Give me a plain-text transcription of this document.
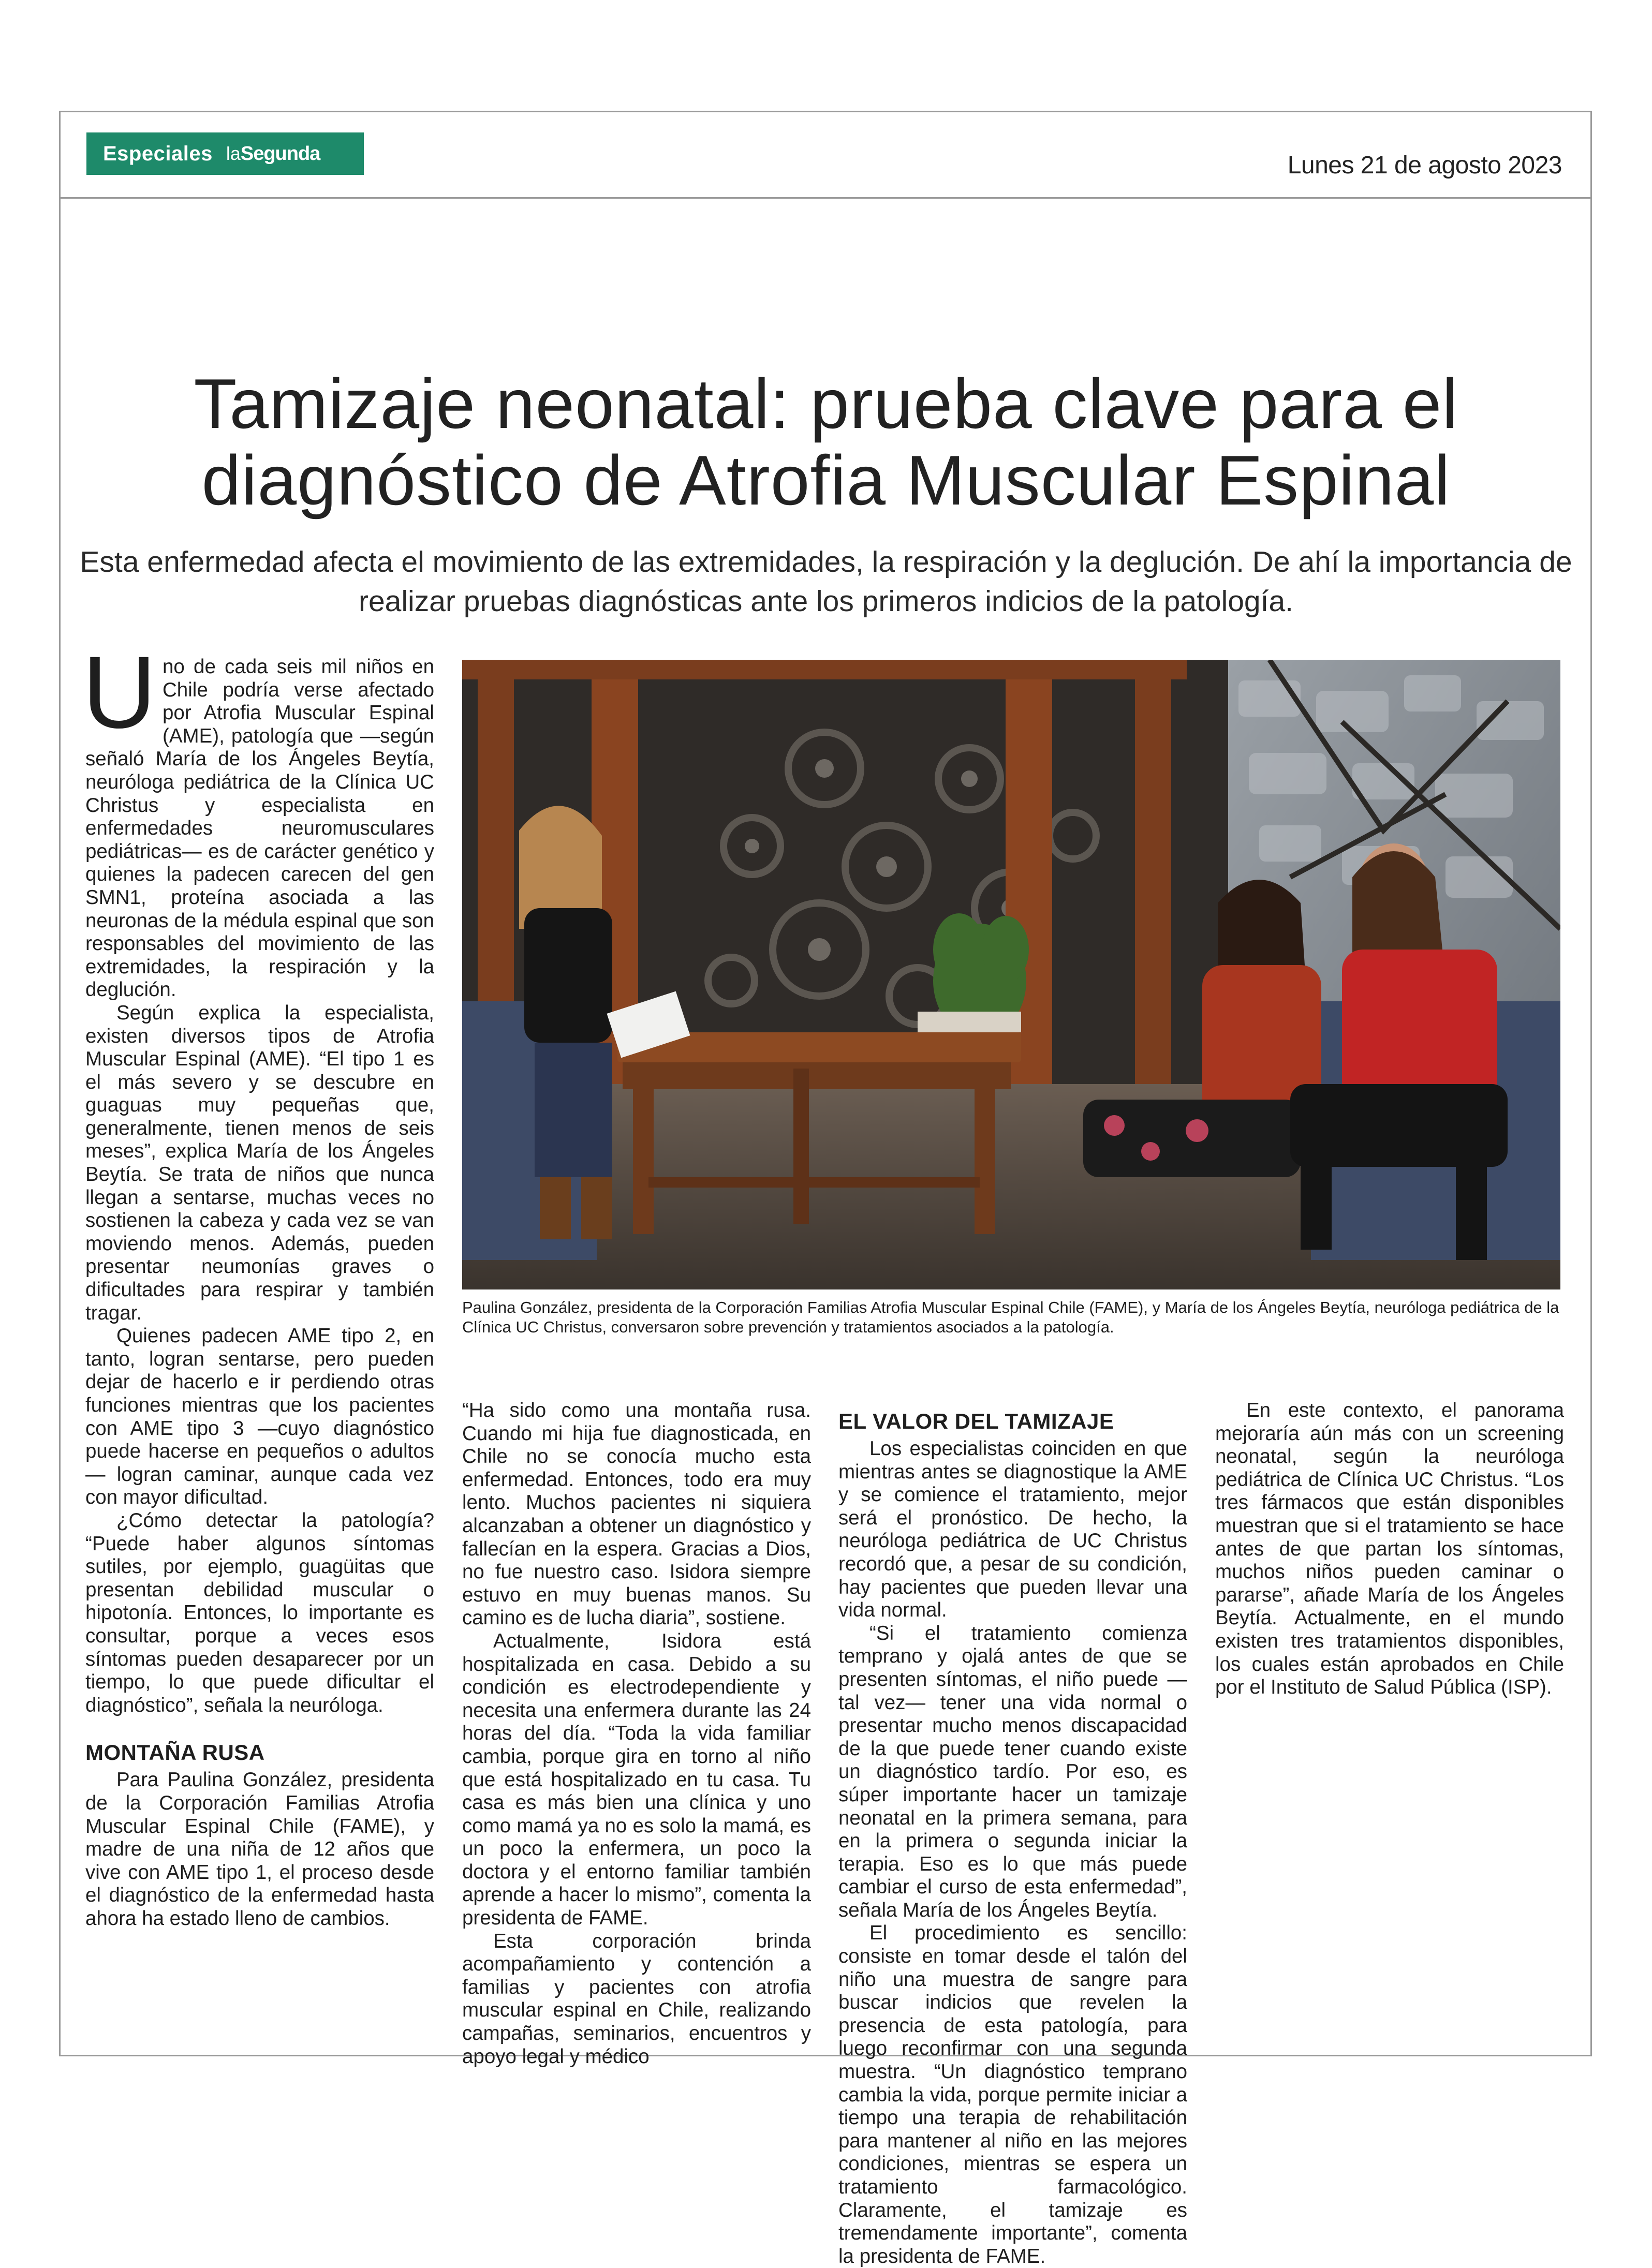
Especiales la Segunda	Lunes 21 de agosto 2023
Tamizaje neonatal: prueba clave para el diagnóstico de Atrofia Muscular Espinal

Esta enfermedad afecta el movimiento de las extremidades, la respiración y la deglución. De ahí la importancia de realizar pruebas diagnósticas ante los primeros indicios de la patología.

Uno de cada seis mil niños en Chile podría verse afectado por Atrofia Muscular Espinal (AME), patología que —según señaló María de los Ángeles Beytía, neuróloga pediátrica de la Clínica UC Christus y especialista en enfermedades neuromusculares pediátricas— es de carácter genético y quienes la padecen carecen del gen SMN1, proteína asociada a las neuronas de la médula espinal que son responsables del movimiento de las extremidades, la respiración y la deglución.

Según explica la especialista, existen diversos tipos de Atrofia Muscular Espinal (AME). “El tipo 1 es el más severo y se descubre en guaguas muy pequeñas que, generalmente, tienen menos de seis meses”, explica María de los Ángeles Beytía. Se trata de niños que nunca llegan a sentarse, muchas veces no sostienen la cabeza y cada vez se van moviendo menos. Además, pueden presentar neumonías graves o dificultades para respirar y también tragar.

Quienes padecen AME tipo 2, en tanto, logran sentarse, pero pueden dejar de hacerlo e ir perdiendo otras funciones mientras que los pacientes con AME tipo 3 —cuyo diagnóstico puede hacerse en pequeños o adultos— logran caminar, aunque cada vez con mayor dificultad.

¿Cómo detectar la patología? “Puede haber algunos síntomas sutiles, por ejemplo, guagüitas que presentan debilidad muscular o hipotonía. Entonces, lo importante es consultar, porque a veces esos síntomas pueden desaparecer por un tiempo, lo que puede dificultar el diagnóstico”, señala la neuróloga.

MONTAÑA RUSA

Para Paulina González, presidenta de la Corporación Familias Atrofia Muscular Espinal Chile (FAME), y madre de una niña de 12 años que vive con AME tipo 1, el proceso desde el diagnóstico de la enfermedad hasta ahora ha estado lleno de cambios.

Paulina González, presidenta de la Corporación Familias Atrofia Muscular Espinal Chile (FAME), y María de los Ángeles Beytía, neuróloga pediátrica de la Clínica UC Christus, conversaron sobre prevención y tratamientos asociados a la patología.

“Ha sido como una montaña rusa. Cuando mi hija fue diagnosticada, en Chile no se conocía mucho esta enfermedad. Entonces, todo era muy lento. Muchos pacientes ni siquiera alcanzaban a obtener un diagnóstico y fallecían en la espera. Gracias a Dios, no fue nuestro caso. Isidora siempre estuvo en muy buenas manos. Su camino es de lucha diaria”, sostiene.

Actualmente, Isidora está hospitalizada en casa. Debido a su condición es electrodependiente y necesita una enfermera durante las 24 horas del día. “Toda la vida familiar cambia, porque gira en torno al niño que está hospitalizado en tu casa. Tu casa es más bien una clínica y uno como mamá ya no es solo la mamá, es un poco la enfermera, un poco la doctora y el entorno familiar también aprende a hacer lo mismo”, comenta la presidenta de FAME.

Esta corporación brinda acompañamiento y contención a familias y pacientes con atrofia muscular espinal en Chile, realizando campañas, seminarios, encuentros y apoyo legal y médico

EL VALOR DEL TAMIZAJE

Los especialistas coinciden en que mientras antes se diagnostique la AME y se comience el tratamiento, mejor será el pronóstico. De hecho, la neuróloga pediátrica de UC Christus recordó que, a pesar de su condición, hay pacientes que pueden llevar una vida normal.

“Si el tratamiento comienza temprano y ojalá antes de que se presenten síntomas, el niño puede —tal vez— tener una vida normal o presentar mucho menos discapacidad de la que puede tener cuando existe un diagnóstico tardío. Por eso, es súper importante hacer un tamizaje neonatal en la primera semana, para en la primera o segunda iniciar la terapia. Eso es lo que más puede cambiar el curso de esta enfermedad”, señala María de los Ángeles Beytía.

El procedimiento es sencillo: consiste en tomar desde el talón del niño una muestra de sangre para buscar indicios que revelen la presencia de esta patología, para luego reconfirmar con una segunda muestra. “Un diagnóstico temprano cambia la vida, porque permite iniciar a tiempo una terapia de rehabilitación para mantener al niño en las mejores condiciones, mientras se espera un tratamiento farmacológico. Claramente, el tamizaje es tremendamente importante”, comenta la presidenta de FAME.

En este contexto, el panorama mejoraría aún más con un screening neonatal, según la neuróloga pediátrica de Clínica UC Christus. “Los tres fármacos que están disponibles muestran que si el tratamiento se hace antes de que partan los síntomas, muchos niños pueden caminar o pararse”, añade María de los Ángeles Beytía. Actualmente, en el mundo existen tres tratamientos disponibles, los cuales están aprobados en Chile por el Instituto de Salud Pública (ISP).
